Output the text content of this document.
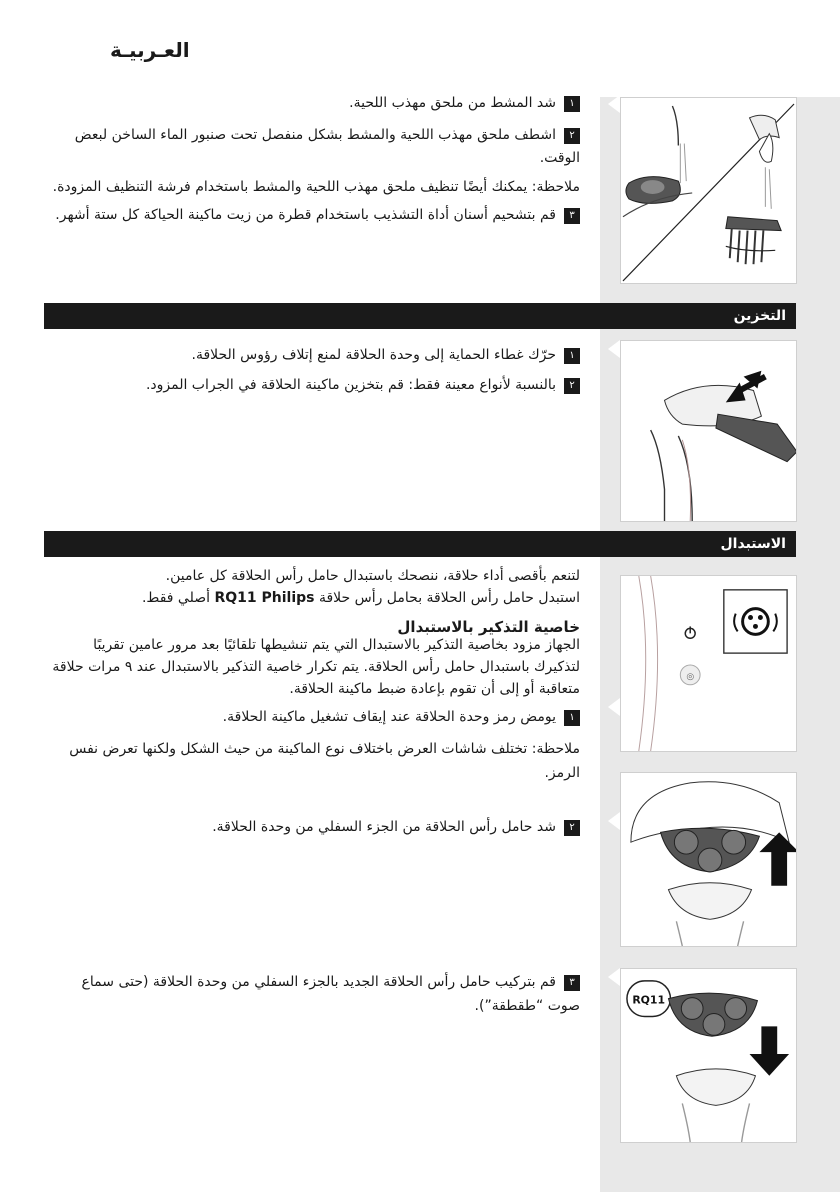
العـربيـة
١شد المشط من ملحق مهذب اللحية.
٢اشطف ملحق مهذب اللحية والمشط بشكل منفصل تحت صنبور الماء الساخن لبعض الوقت.
ملاحظة: يمكنك أيضًا تنظيف ملحق مهذب اللحية والمشط باستخدام فرشة التنظيف المزودة.
٣قم بتشحيم أسنان أداة التشذيب باستخدام قطرة من زيت ماكينة الحياكة كل ستة أشهر.
التخزين
١حرّك غطاء الحماية إلى وحدة الحلاقة لمنع إتلاف رؤوس الحلاقة.
٢بالنسبة لأنواع معينة فقط: قم بتخزين ماكينة الحلاقة في الجراب المزود.
الاستبدال
لتنعم بأقصى أداء حلاقة، ننصحك باستبدال حامل رأس الحلاقة كل عامين.
استبدل حامل رأس الحلاقة بحامل رأس حلاقة RQ11 Philips أصلي فقط.
خاصية التذكير بالاستبدال
الجهاز مزود بخاصية التذكير بالاستبدال التي يتم تنشيطها تلقائيًا بعد مرور عامين تقريبًا لتذكيرك باستبدال حامل رأس الحلاقة. يتم تكرار خاصية التذكير بالاستبدال عند ٩ مرات حلاقة متعاقبة أو إلى أن تقوم بإعادة ضبط ماكينة الحلاقة.
١يومض رمز وحدة الحلاقة عند إيقاف تشغيل ماكينة الحلاقة.
ملاحظة: تختلف شاشات العرض باختلاف نوع الماكينة من حيث الشكل ولكنها تعرض نفس الرمز.
◎
٢شد حامل رأس الحلاقة من الجزء السفلي من وحدة الحلاقة.
٣قم بتركيب حامل رأس الحلاقة الجديد بالجزء السفلي من وحدة الحلاقة (حتى سماع صوت “طقطقة”).	RQ11
